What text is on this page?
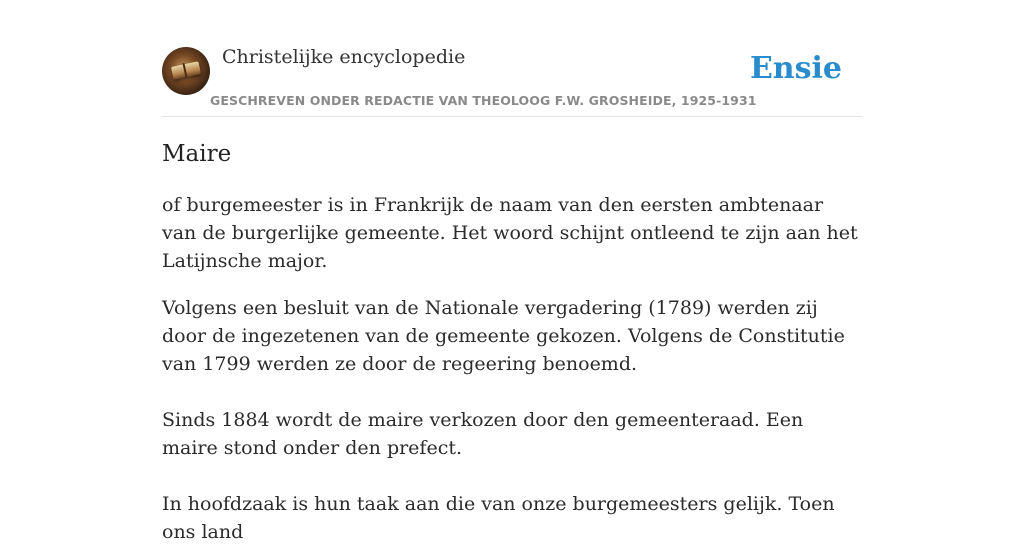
Christelijke encyclopedie
GESCHREVEN ONDER REDACTIE VAN THEOLOOG F.W. GROSHEIDE, 1925-1931
Ensie
Maire

of burgemeester is in Frankrijk de naam van den eersten ambtenaar van de burgerlijke gemeente. Het woord schijnt ontleend te zijn aan het Latijnsche major.

Volgens een besluit van de Nationale vergadering (1789) werden zij door de ingezetenen van de gemeente gekozen. Volgens de Constitutie van 1799 werden ze door de regeering benoemd.

Sinds 1884 wordt de maire verkozen door den gemeenteraad. Een maire stond onder den prefect.

In hoofdzaak is hun taak aan die van onze burgemeesters gelijk. Toen ons land
